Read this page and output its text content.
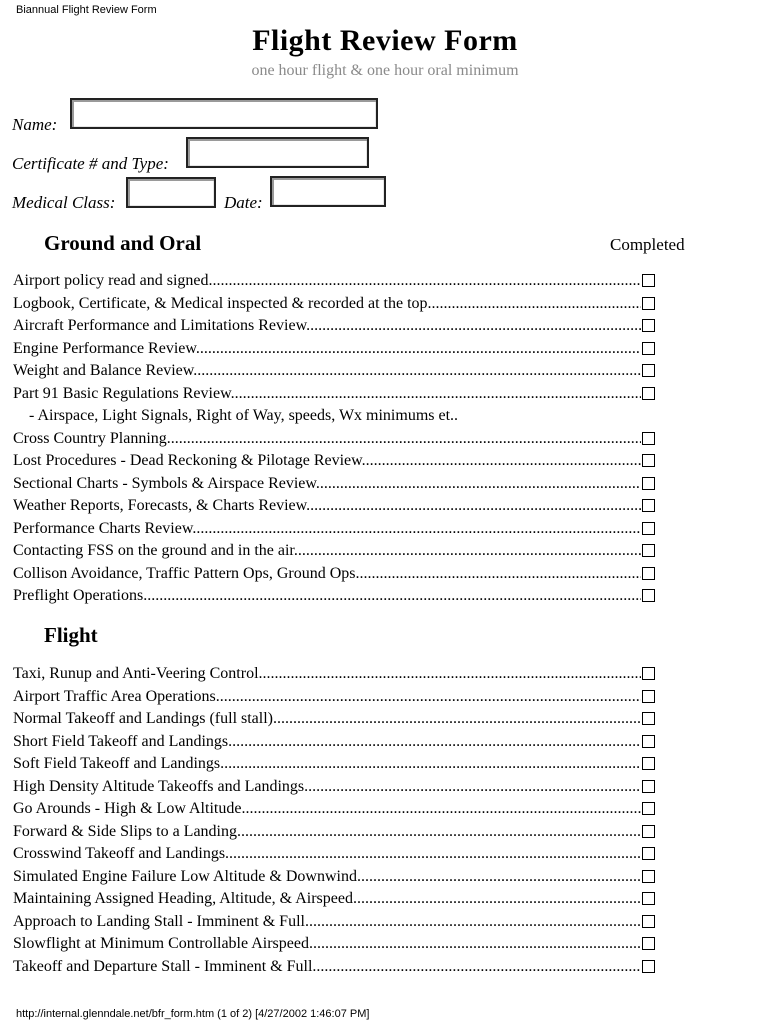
Biannual Flight Review Form
Flight Review Form
one hour flight & one hour oral minimum
Name:
Certificate # and Type:
Medical Class:	Date:
Ground and Oral	Completed
Airport policy read and signed .....
Logbook, Certificate, & Medical inspected & recorded at the top .....
Aircraft Performance and Limitations Review .....
Engine Performance Review .....
Weight and Balance Review .....
Part 91 Basic Regulations Review .....
- Airspace, Light Signals, Right of Way, speeds, Wx minimums et..
Cross Country Planning .....
Lost Procedures - Dead Reckoning & Pilotage Review .....
Sectional Charts - Symbols & Airspace Review .....
Weather Reports, Forecasts, & Charts Review .....
Performance Charts Review .....
Contacting FSS on the ground and in the air .....
Collison Avoidance, Traffic Pattern Ops, Ground Ops .....
Preflight Operations .....
Flight
Taxi, Runup and Anti-Veering Control .....
Airport Traffic Area Operations .....
Normal Takeoff and Landings (full stall) .....
Short Field Takeoff and Landings .....
Soft Field Takeoff and Landings .....
High Density Altitude Takeoffs and Landings .....
Go Arounds - High & Low Altitude .....
Forward & Side Slips to a Landing .....
Crosswind Takeoff and Landings .....
Simulated Engine Failure Low Altitude & Downwind .....
Maintaining Assigned Heading, Altitude, & Airspeed .....
Approach to Landing Stall - Imminent & Full .....
Slowflight at Minimum Controllable Airspeed .....
Takeoff and Departure Stall - Imminent & Full .....
http://internal.glenndale.net/bfr_form.htm (1 of 2) [4/27/2002 1:46:07 PM]
